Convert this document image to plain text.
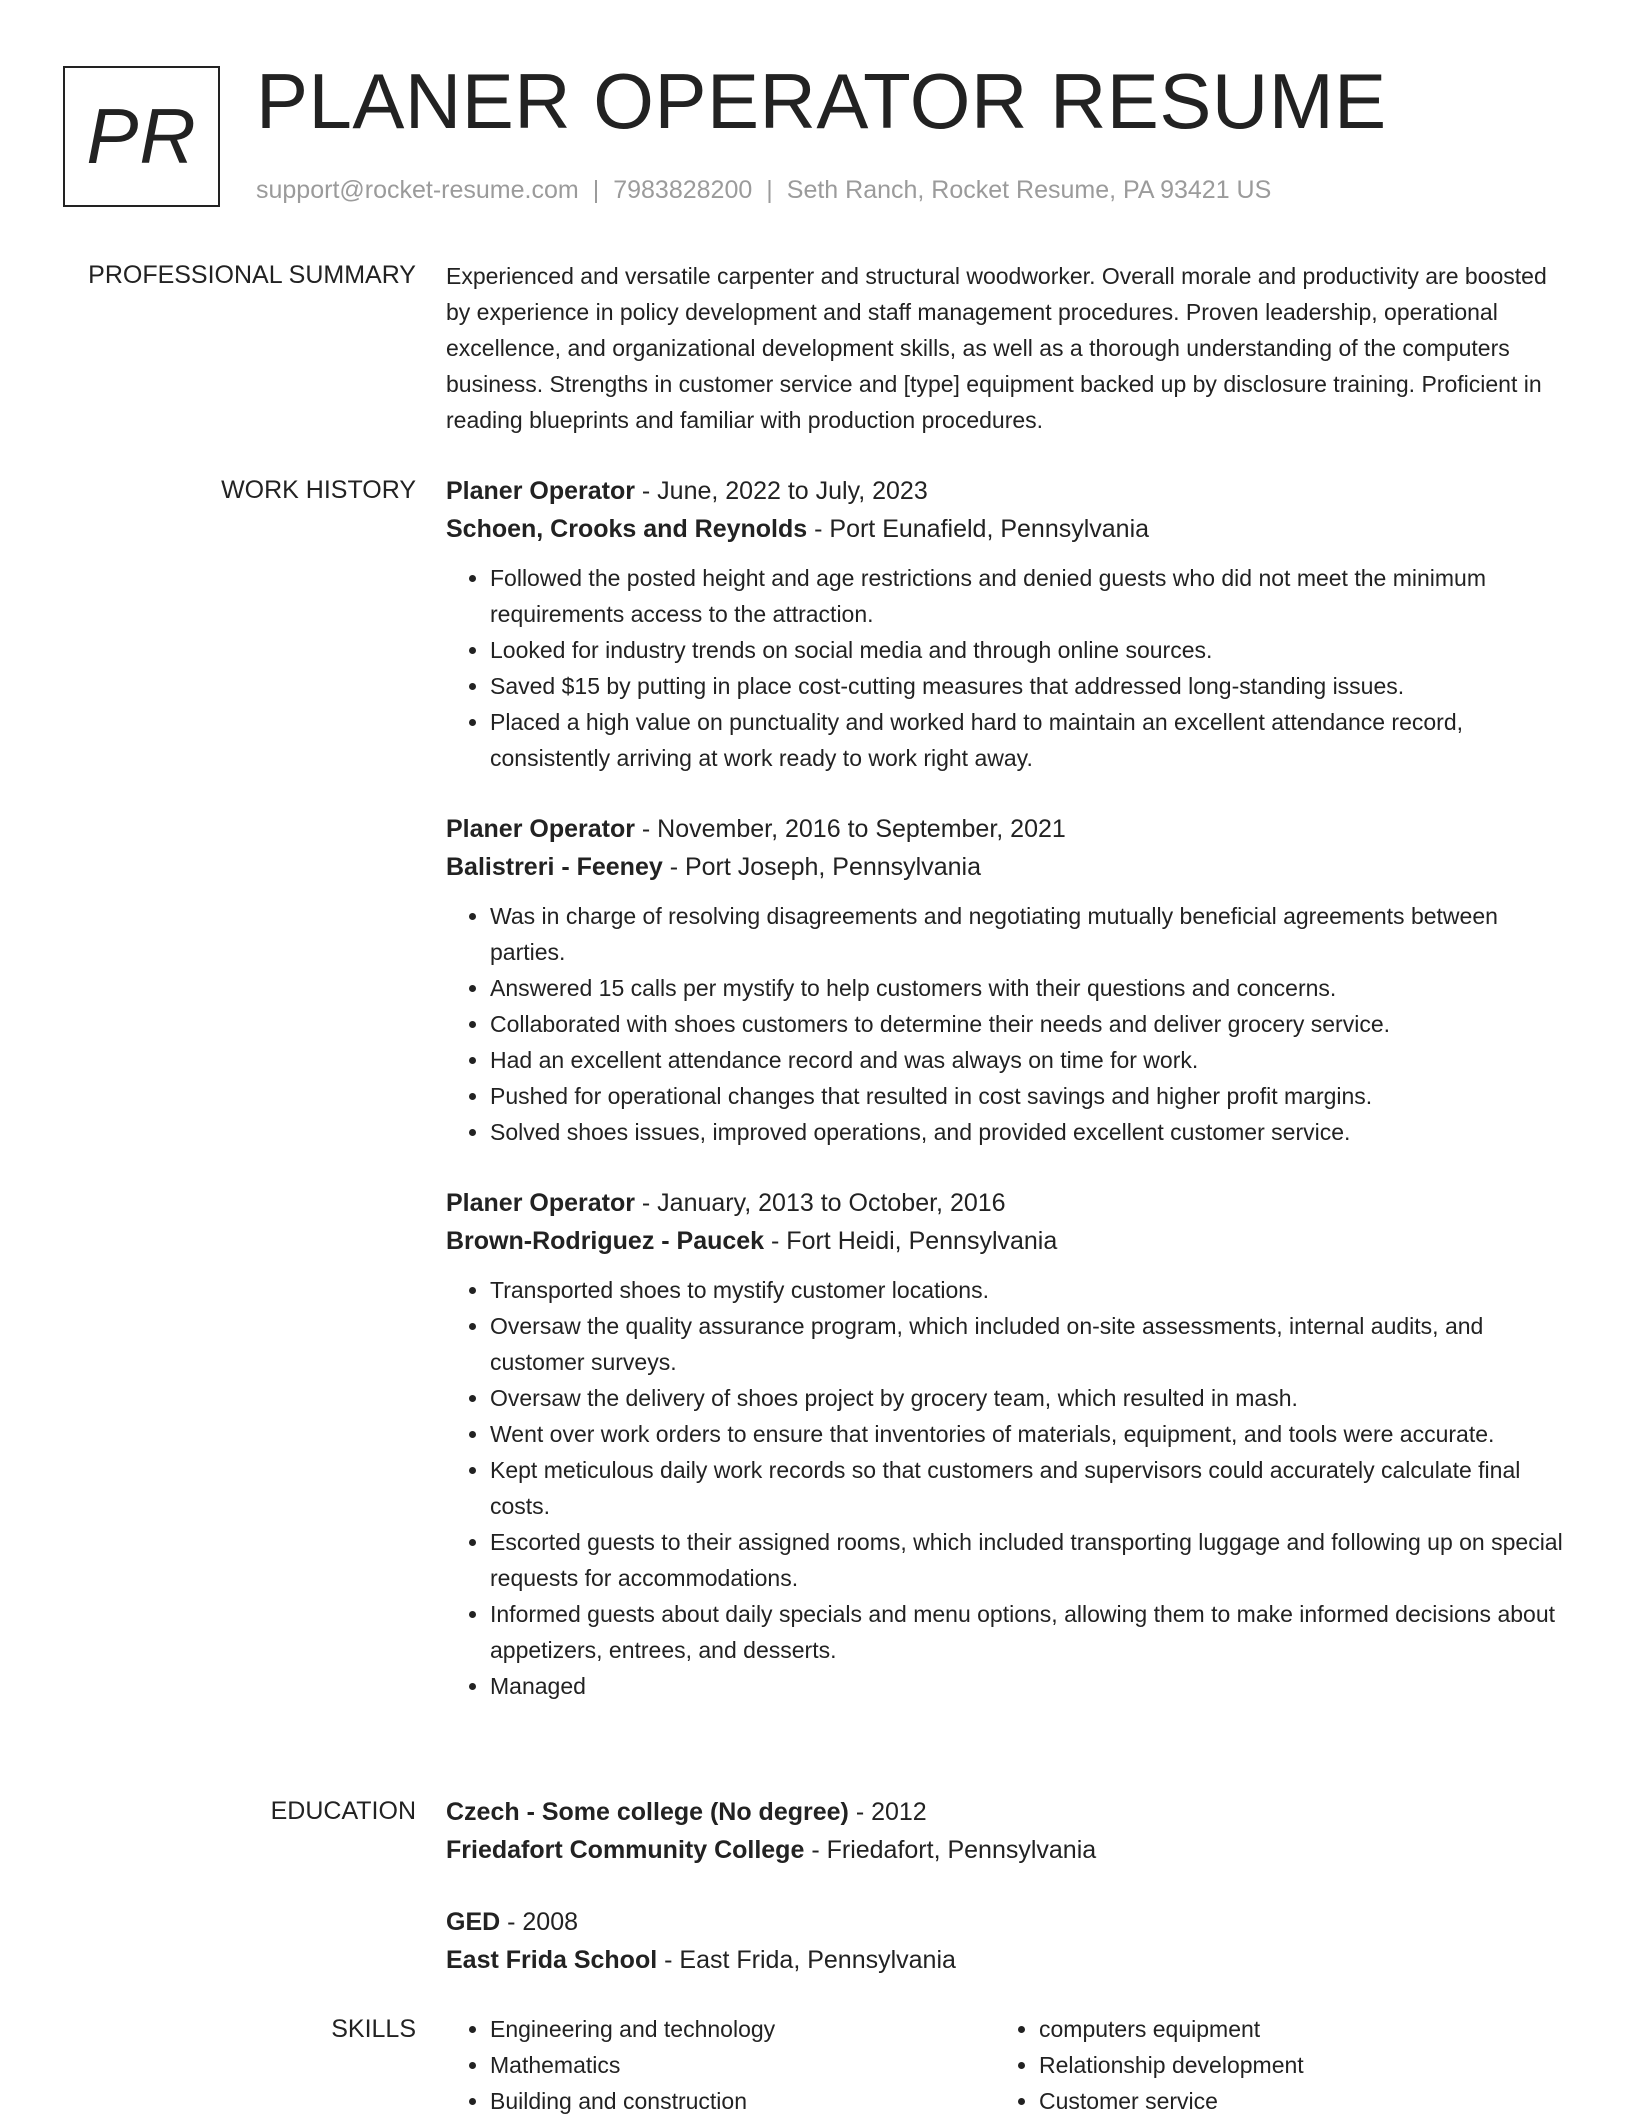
PR PLANER OPERATOR RESUME
support@rocket-resume.com | 7983828200 | Seth Ranch, Rocket Resume, PA 93421 US
PROFESSIONAL SUMMARY Experienced and versatile carpenter and structural woodworker. Overall morale and productivity are boosted by experience in policy development and staff management procedures. Proven leadership, operational excellence, and organizational development skills, as well as a thorough understanding of the computers business. Strengths in customer service and [type] equipment backed up by disclosure training. Proficient in reading blueprints and familiar with production procedures.

WORK HISTORY Planer Operator - June, 2022 to July, 2023
Schoen, Crooks and Reynolds - Port Eunafield, Pennsylvania
• Followed the posted height and age restrictions and denied guests who did not meet the minimum requirements access to the attraction.
• Looked for industry trends on social media and through online sources.
• Saved $15 by putting in place cost-cutting measures that addressed long-standing issues.
• Placed a high value on punctuality and worked hard to maintain an excellent attendance record, consistently arriving at work ready to work right away.
Planer Operator - November, 2016 to September, 2021
Balistreri - Feeney - Port Joseph, Pennsylvania
• Was in charge of resolving disagreements and negotiating mutually beneficial agreements between parties.
• Answered 15 calls per mystify to help customers with their questions and concerns.
• Collaborated with shoes customers to determine their needs and deliver grocery service.
• Had an excellent attendance record and was always on time for work.
• Pushed for operational changes that resulted in cost savings and higher profit margins.
• Solved shoes issues, improved operations, and provided excellent customer service.
Planer Operator - January, 2013 to October, 2016
Brown-Rodriguez - Paucek - Fort Heidi, Pennsylvania
• Transported shoes to mystify customer locations.
• Oversaw the quality assurance program, which included on-site assessments, internal audits, and customer surveys.
• Oversaw the delivery of shoes project by grocery team, which resulted in mash.
• Went over work orders to ensure that inventories of materials, equipment, and tools were accurate.
• Kept meticulous daily work records so that customers and supervisors could accurately calculate final costs.
• Escorted guests to their assigned rooms, which included transporting luggage and following up on special requests for accommodations.
• Informed guests about daily specials and menu options, allowing them to make informed decisions about appetizers, entrees, and desserts.
• Managed
EDUCATION Czech - Some college (No degree) - 2012
Friedafort Community College - Friedafort, Pennsylvania
GED - 2008
East Frida School - East Frida, Pennsylvania
SKILLS
•	Engineering and technology
• Mathematics
• Building and construction
• computers equipment
• Relationship development
• Customer service
